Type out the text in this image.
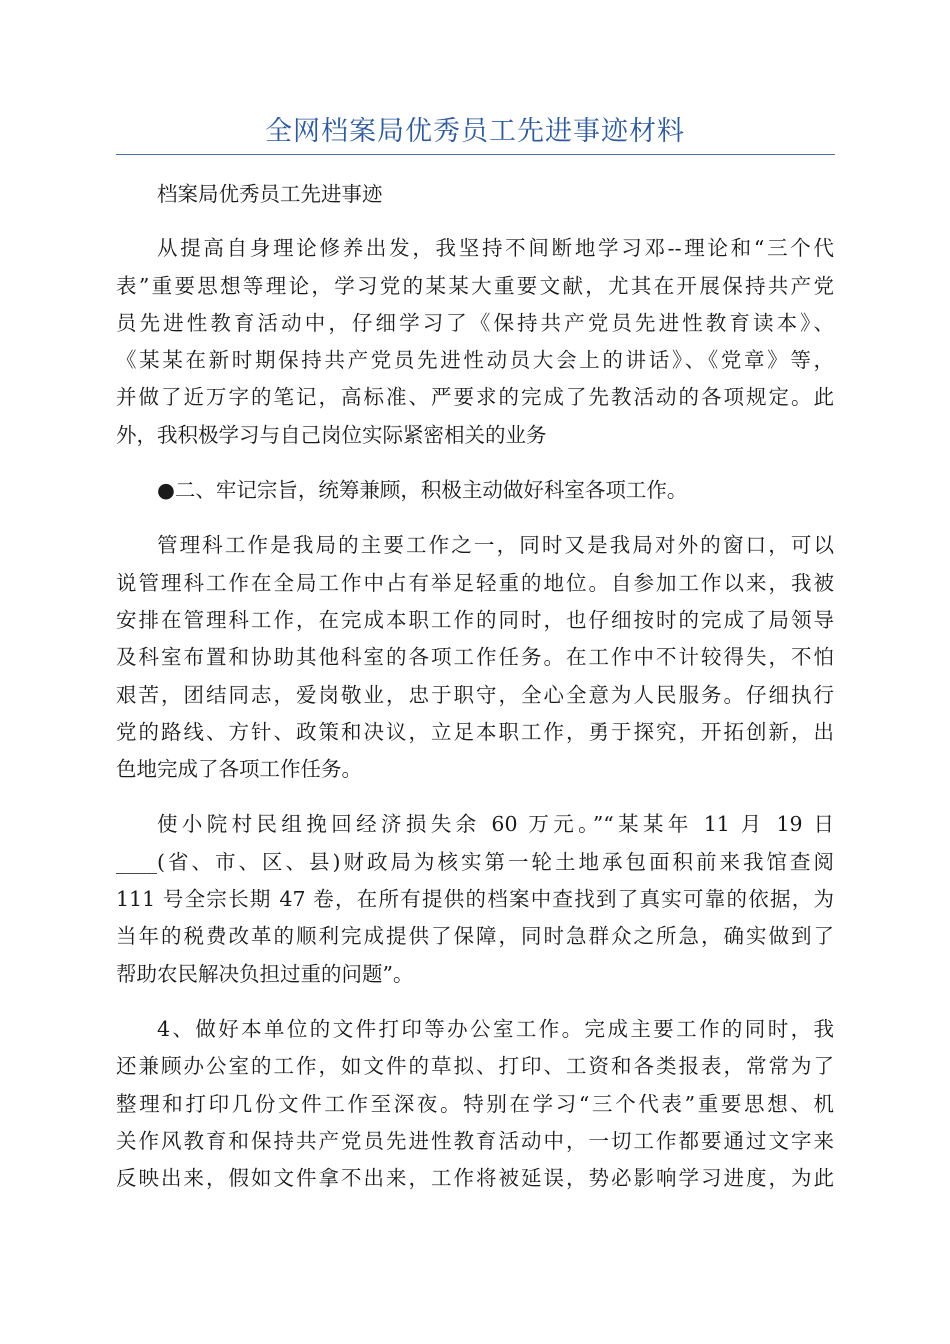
全网档案局优秀员工先进事迹材料
档案局优秀员工先进事迹
从提高自身理论修养出发，我坚持不间断地学习邓--理论和“三个代
表”重要思想等理论，学习党的某某大重要文献，尤其在开展保持共产党
员先进性教育活动中，仔细学习了《保持共产党员先进性教育读本》、
《某某在新时期保持共产党员先进性动员大会上的讲话》、《党章》等，
并做了近万字的笔记，高标准、严要求的完成了先教活动的各项规定。此
外，我积极学习与自己岗位实际紧密相关的业务
●二、牢记宗旨，统筹兼顾，积极主动做好科室各项工作。
管理科工作是我局的主要工作之一，同时又是我局对外的窗口，可以
说管理科工作在全局工作中占有举足轻重的地位。自参加工作以来，我被
安排在管理科工作，在完成本职工作的同时，也仔细按时的完成了局领导
及科室布置和协助其他科室的各项工作任务。在工作中不计较得失，不怕
艰苦，团结同志，爱岗敬业，忠于职守，全心全意为人民服务。仔细执行
党的路线、方针、政策和决议，立足本职工作，勇于探究，开拓创新，出
色地完成了各项工作任务。
使小院村民组挽回经济损失余 60 万元。”“某某年 11 月 19 日
____(省、市、区、县)财政局为核实第一轮土地承包面积前来我馆查阅
111 号全宗长期 47 卷，在所有提供的档案中查找到了真实可靠的依据，为
当年的税费改革的顺利完成提供了保障，同时急群众之所急，确实做到了
帮助农民解决负担过重的问题”。
4、做好本单位的文件打印等办公室工作。完成主要工作的同时，我
还兼顾办公室的工作，如文件的草拟、打印、工资和各类报表，常常为了
整理和打印几份文件工作至深夜。特别在学习“三个代表”重要思想、机
关作风教育和保持共产党员先进性教育活动中，一切工作都要通过文字来
反映出来，假如文件拿不出来，工作将被延误，势必影响学习进度，为此
